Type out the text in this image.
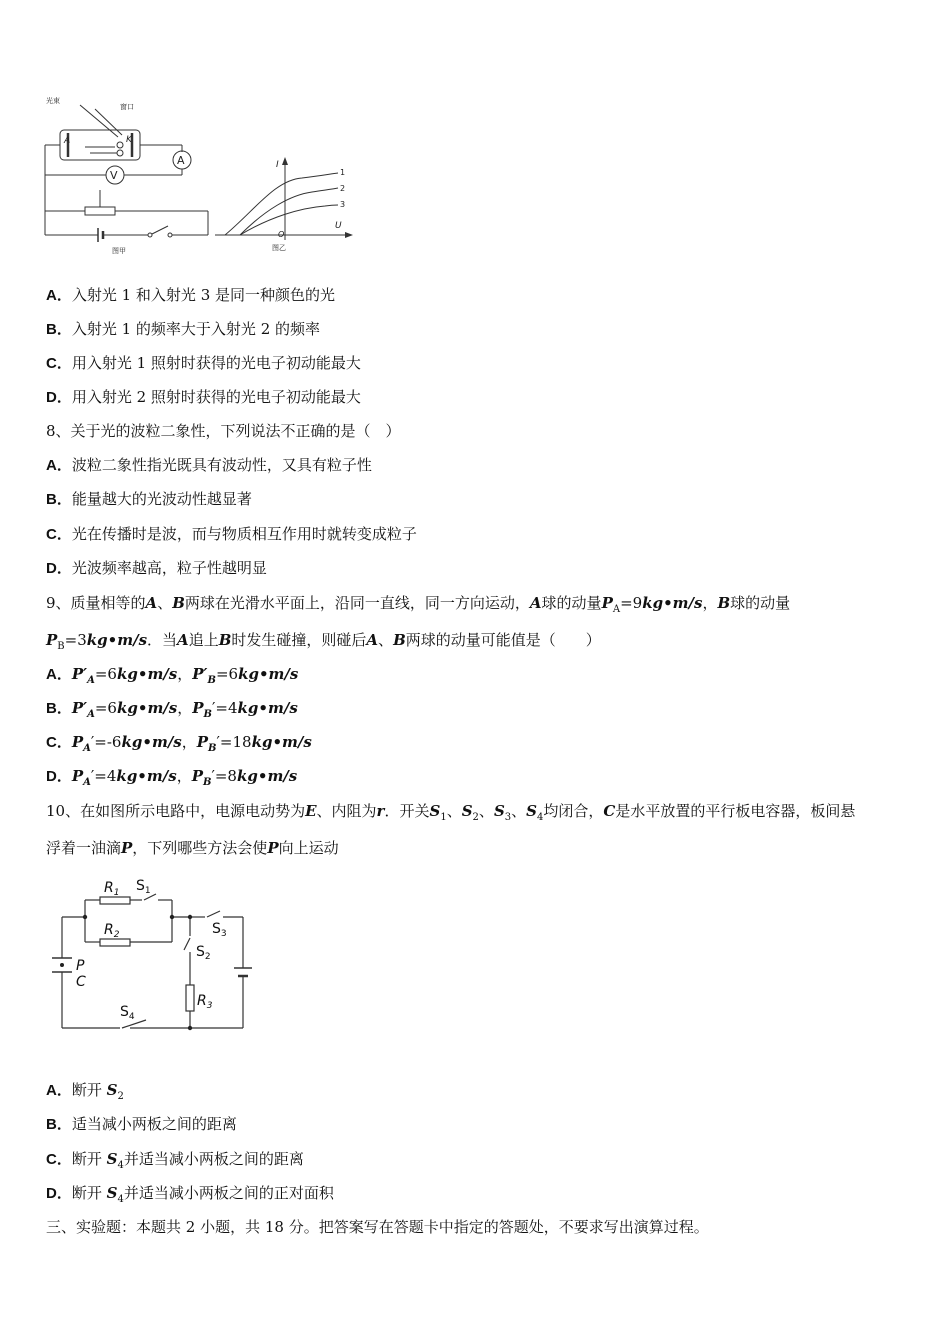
光束
窗口
A	K
A
V
图甲
I
U
O
1
2
3
图乙
A．入射光 1 和入射光 3 是同一种颜色的光
B．入射光 1 的频率大于入射光 2 的频率
C．用入射光 1 照射时获得的光电子初动能最大
D．用入射光 2 照射时获得的光电子初动能最大
8、关于光的波粒二象性，下列说法不正确的是（　）
A．波粒二象性指光既具有波动性，又具有粒子性
B．能量越大的光波动性越显著
C．光在传播时是波，而与物质相互作用时就转变成粒子
D．光波频率越高，粒子性越明显
9、质量相等的A、B两球在光滑水平面上，沿同一直线，同一方向运动，A球的动量$P_A=9kg•m/s$，B球的动量
$P_B=3kg•m/s$．当A追上B时发生碰撞，则碰后A、B两球的动量可能值是（　　）
A．$P'_A=6kg•m/s$，$P'_B=6kg•m/s$
B．$P'_A=6kg•m/s$，$P_B'=4kg•m/s$
C．$P_A'=-6kg•m/s$，$P_B'=18kg•m/s$
D．$P_A'=4kg•m/s$，$P_B'=8kg•m/s$
10、在如图所示电路中，电源电动势为E、内阻为r．开关$S_1$、$S_2$、$S_3$、$S_4$均闭合，C是水平放置的平行板电容器，板间悬
浮着一油滴P，下列哪些方法会使P向上运动
$R_1$ $S_1$
$R_2$	$S_3$
$S_2$
P
C
$R_3$
$S_4$
A．断开 $S_2$
B．适当减小两板之间的距离
C．断开 $S_4$并适当减小两板之间的距离
D．断开 $S_4$并适当减小两板之间的正对面积
三、实验题：本题共 2 小题，共 18 分。把答案写在答题卡中指定的答题处，不要求写出演算过程。
